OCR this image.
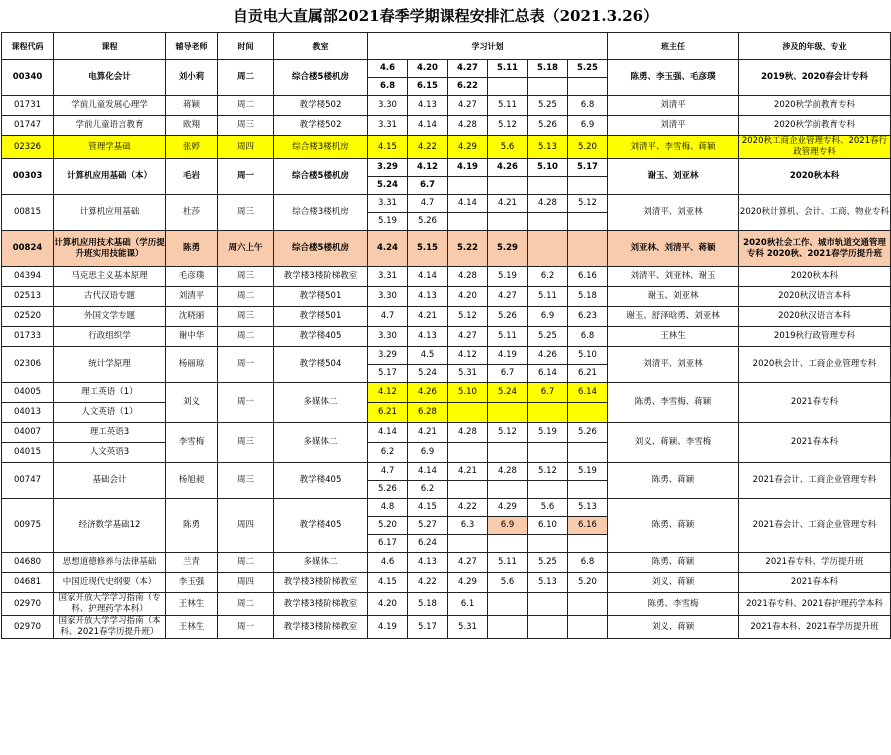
自贡电大直属部2021春季学期课程安排汇总表（2021.3.26）
课程代码	课程	辅导老师	时间	教室	学习计划						班主任	涉及的年级、专业
00340	电算化会计	刘小莉	周二	综合楼5楼机房	4.6	4.20	4.27	5.11	5.18	5.25	陈勇、李玉强、毛彦璞	2019秋、2020春会计专科
					6.8	6.15	6.22					
01731	学前儿童发展心理学	蒋颖	周二	教学楼502	3.30	4.13	4.27	5.11	5.25	6.8	刘清平	2020秋学前教育专科
01747	学前儿童语言教育	欧翔	周三	教学楼502	3.31	4.14	4.28	5.12	5.26	6.9	刘清平	2020秋学前教育专科
02326	管理学基础	张婷	周四	综合楼3楼机房	4.15	4.22	4.29	5.6	5.13	5.20	刘清平、李雪梅、蒋颖	2020秋工商企业管理专科、2021春行政管理专科
00303	计算机应用基础（本）	毛岩	周一	综合楼5楼机房	3.29	4.12	4.19	4.26	5.10	5.17	谢玉、刘亚林	2020秋本科
					5.24	6.7						
00815	计算机应用基础	杜莎	周三	综合楼3楼机房	3.31	4.7	4.14	4.21	4.28	5.12	刘清平、刘亚林	2020秋计算机、会计、工商、物业专科
					5.19	5.26						
00824	计算机应用技术基础（学历提升班实用技能课）	陈勇	周六上午	综合楼5楼机房	4.24	5.15	5.22	5.29			刘亚林、刘清平、蒋颖	2020秋社会工作、城市轨道交通管理专科 2020秋、2021春学历提升班
04394	马克思主义基本原理	毛彦璞	周三	教学楼3楼阶梯教室	3.31	4.14	4.28	5.19	6.2	6.16	刘清平、刘亚林、谢玉	2020秋本科
02513	古代汉语专题	刘清平	周二	教学楼501	3.30	4.13	4.20	4.27	5.11	5.18	谢玉、刘亚林	2020秋汉语言本科
02520	外国文学专题	沈晓丽	周三	教学楼501	4.7	4.21	5.12	5.26	6.9	6.23	谢玉、舒泽晗勇、刘亚林	2020秋汉语言本科
01733	行政组织学	谢中华	周二	教学楼405	3.30	4.13	4.27	5.11	5.25	6.8	王林生	2019秋行政管理专科
02306	统计学原理	杨丽琼	周一	教学楼504	3.29	4.5	4.12	4.19	4.26	5.10	刘清平、刘亚林	2020秋会计、工商企业管理专科
					5.17	5.24	5.31	6.7	6.14	6.21		
04005	理工英语（1）	刘义	周一	多媒体二	4.12	4.26	5.10	5.24	6.7	6.14	陈勇、李雪梅、蒋颖	2021春专科
04013	人文英语（1）				6.21	6.28						
04007	理工英语3	李雪梅	周三	多媒体二	4.14	4.21	4.28	5.12	5.19	5.26	刘义、蒋颖、李雪梅	2021春本科
04015	人文英语3				6.2	6.9						
00747	基础会计	杨旭昶	周三	教学楼405	4.7	4.14	4.21	4.28	5.12	5.19	陈勇、蒋颖	2021春会计、工商企业管理专科
					5.26	6.2						
00975	经济数学基础12	陈勇	周四	教学楼405	4.8	4.15	4.22	4.29	5.6	5.13	陈勇、蒋颖	2021春会计、工商企业管理专科
					5.20	5.27	6.3	6.9	6.10	6.16		
					6.17	6.24						
04680	思想道德修养与法律基础	兰青	周二	多媒体二	4.6	4.13	4.27	5.11	5.25	6.8	陈勇、蒋颖	2021春专科、学历提升班
04681	中国近现代史纲要（本）	李玉强	周四	教学楼3楼阶梯教室	4.15	4.22	4.29	5.6	5.13	5.20	刘义、蒋颖	2021春本科
02970	国家开放大学学习指南（专科、护理药学本科）	王林生	周二	教学楼3楼阶梯教室	4.20	5.18	6.1				陈勇、李雪梅	2021春专科、2021春护理药学本科
02970	国家开放大学学习指南（本科、2021春学历提升班）	王林生	周一	教学楼3楼阶梯教室	4.19	5.17	5.31				刘义、蒋颖	2021春本科、2021春学历提升班
